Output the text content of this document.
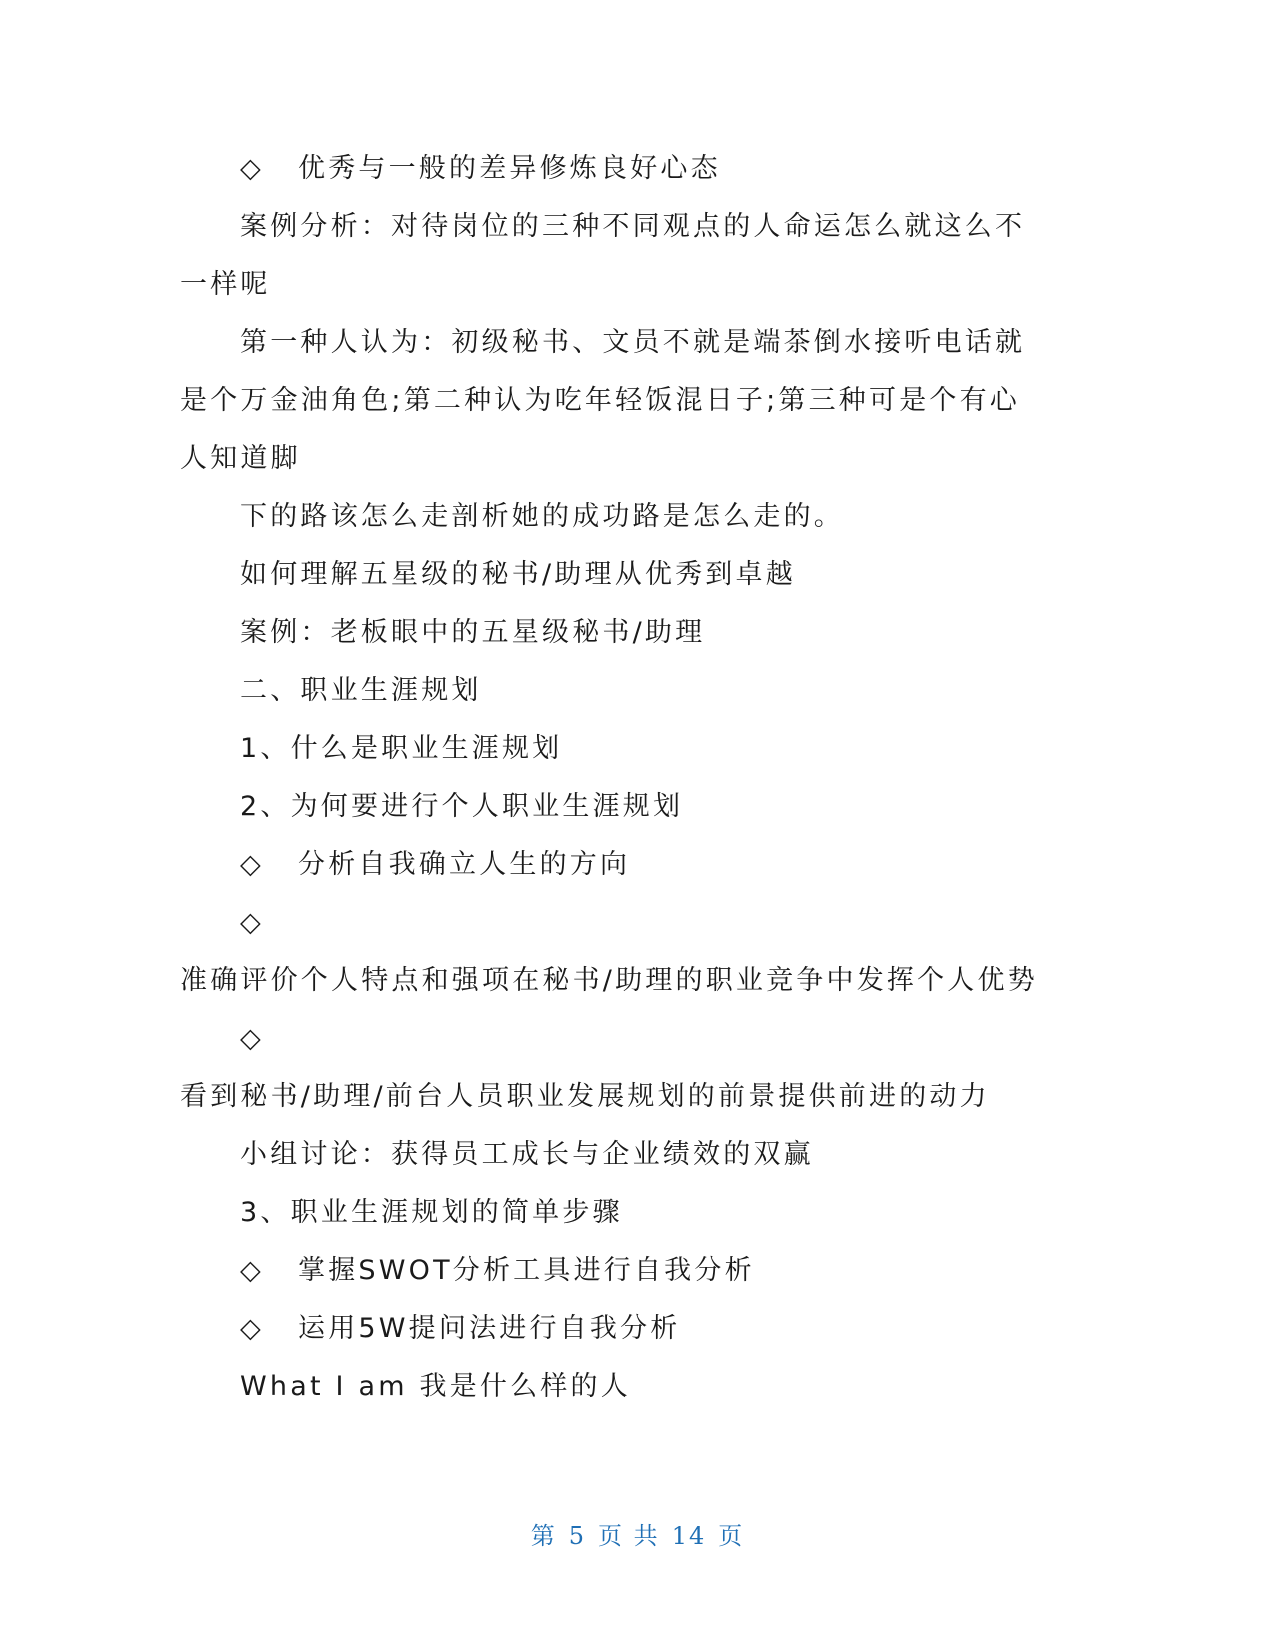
◇ 优秀与一般的差异修炼良好心态
案例分析：对待岗位的三种不同观点的人命运怎么就这么不一样呢
第一种人认为：初级秘书、文员不就是端茶倒水接听电话就是个万金油角色;第二种认为吃年轻饭混日子;第三种可是个有心人知道脚
下的路该怎么走剖析她的成功路是怎么走的。
如何理解五星级的秘书/助理从优秀到卓越
案例：老板眼中的五星级秘书/助理
二、职业生涯规划
1、什么是职业生涯规划
2、为何要进行个人职业生涯规划
◇ 分析自我确立人生的方向
◇
准确评价个人特点和强项在秘书/助理的职业竞争中发挥个人优势
◇
看到秘书/助理/前台人员职业发展规划的前景提供前进的动力
小组讨论：获得员工成长与企业绩效的双赢
3、职业生涯规划的简单步骤
◇ 掌握SWOT分析工具进行自我分析
◇ 运用5W提问法进行自我分析
What I am 我是什么样的人
第 5 页 共 14 页
